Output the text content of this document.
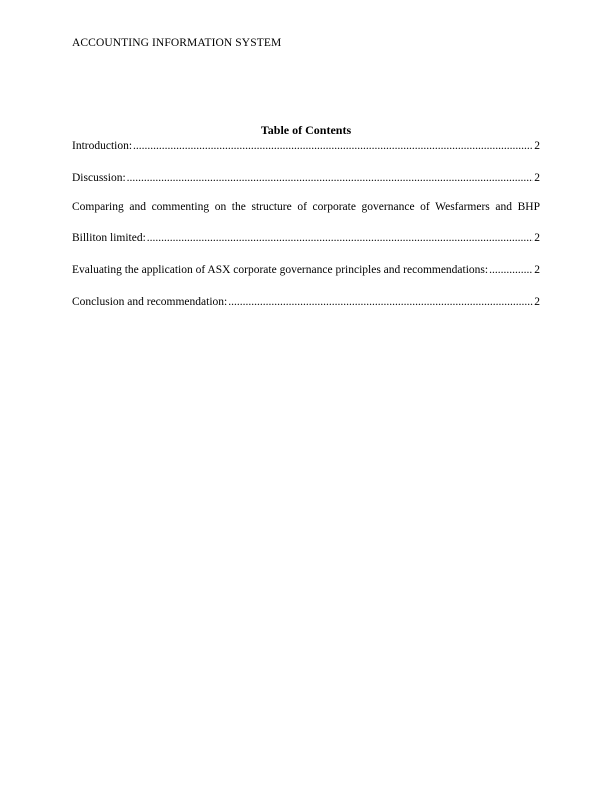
ACCOUNTING INFORMATION SYSTEM
Table of Contents
Introduction: .....	2
Discussion: .....	2
Comparing and commenting on the structure of corporate governance of Wesfarmers and BHP
Billiton limited: .....	2
Evaluating the application of ASX corporate governance principles and recommendations: .....	2
Conclusion and recommendation: .....	2
